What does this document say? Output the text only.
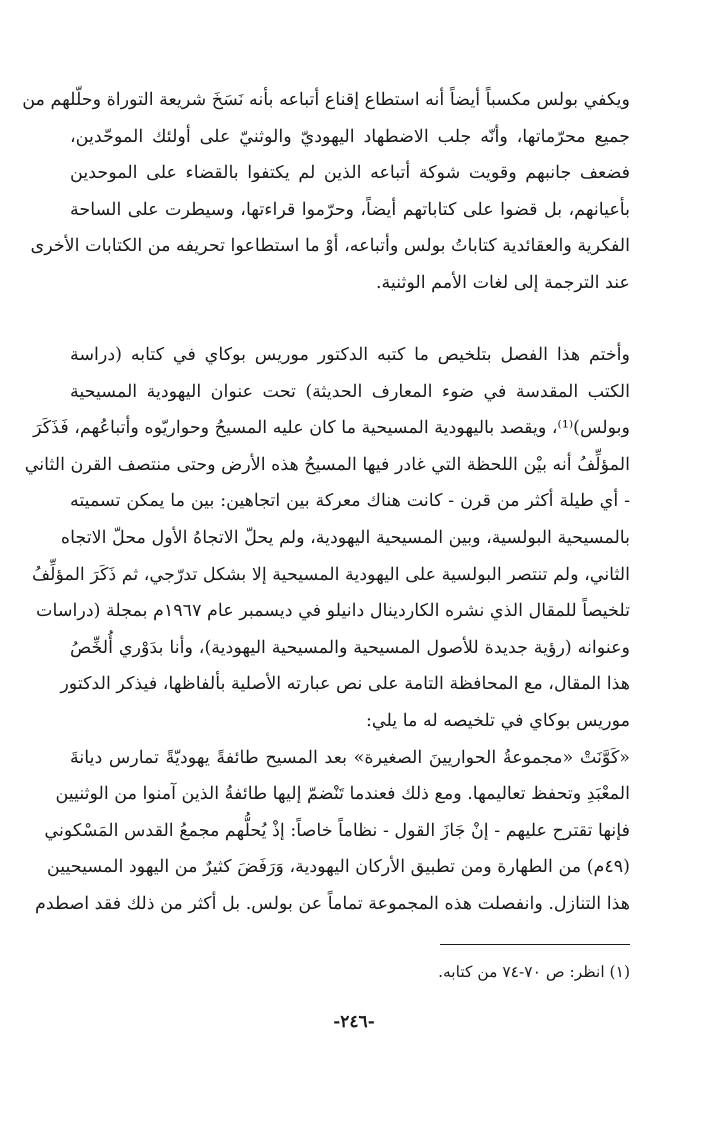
ويكفي بولس مكسباً أيضاً أنه استطاع إقناع أتباعه بأنه نَسَخَ شريعة التوراة وحلّلهم من
جميع محرّماتها، وأنّه جلب الاضطهاد اليهوديّ والوثنيّ على أولئك الموحّدين،
فضعف جانبهم وقويت شوكة أتباعه الذين لم يكتفوا بالقضاء على الموحدين
بأعيانهم، بل قضوا على كتاباتهم أيضاً، وحرّموا قراءتها، وسيطرت على الساحة
الفكرية والعقائدية كتاباتُ بولس وأتباعه، أوْ ما استطاعوا تحريفه من الكتابات الأخرى
عند الترجمة إلى لغات الأمم الوثنية.
وأختم هذا الفصل بتلخيص ما كتبه الدكتور موريس بوكاي في كتابه (دراسة
الكتب المقدسة في ضوء المعارف الحديثة) تحت عنوان اليهودية المسيحية
وبولس)⁽¹⁾، ويقصد باليهودية المسيحية ما كان عليه المسيحُ وحواريّوه وأتباعُهم، فَذَكَرَ
المؤلِّفُ أنه بيْن اللحظة التي غادر فيها المسيحُ هذه الأرض وحتى منتصف القرن الثاني
- أي طيلة أكثر من قرن - كانت هناك معركة بين اتجاهين: بين ما يمكن تسميته
بالمسيحية البولسية، وبين المسيحية اليهودية، ولم يحلّ الاتجاهُ الأول محلّ الاتجاه
الثاني، ولم تنتصر البولسية على اليهودية المسيحية إلا بشكل تدرّجي، ثم ذَكَرَ المؤلِّفُ
تلخيصاً للمقال الذي نشره الكاردينال دانيلو في ديسمبر عام ١٩٦٧م بمجلة (دراسات
وعنوانه (رؤية جديدة للأصول المسيحية والمسيحية اليهودية)، وأنا بدَوْري أُلخِّصُ
هذا المقال، مع المحافظة التامة على نص عبارته الأصلية بألفاظها، فيذكر الدكتور
موريس بوكاي في تلخيصه له ما يلي:
«كَوَّنَتْ «مجموعةُ الحواريينَ الصغيرة» بعد المسيح طائفةً يهوديّةً تمارس ديانةَ
المعْبَدِ وتحفظ تعاليمها. ومع ذلك فعندما تَنْضمّ إليها طائفةُ الذين آمنوا من الوثنيين
فإنها تقترح عليهم - إنْ جَازَ القول - نظاماً خاصاً: إذْ يُحلُّهم مجمعُ القدس المَسْكوني
(٤٩م) من الطهارة ومن تطبيق الأركان اليهودية، وَرَفَضَ كثيرٌ من اليهود المسيحيين
هذا التنازل. وانفصلت هذه المجموعة تماماً عن بولس. بل أكثر من ذلك فقد اصطدم
(١) انظر: ص ٧٠-٧٤ من كتابه.
-٢٤٦-
